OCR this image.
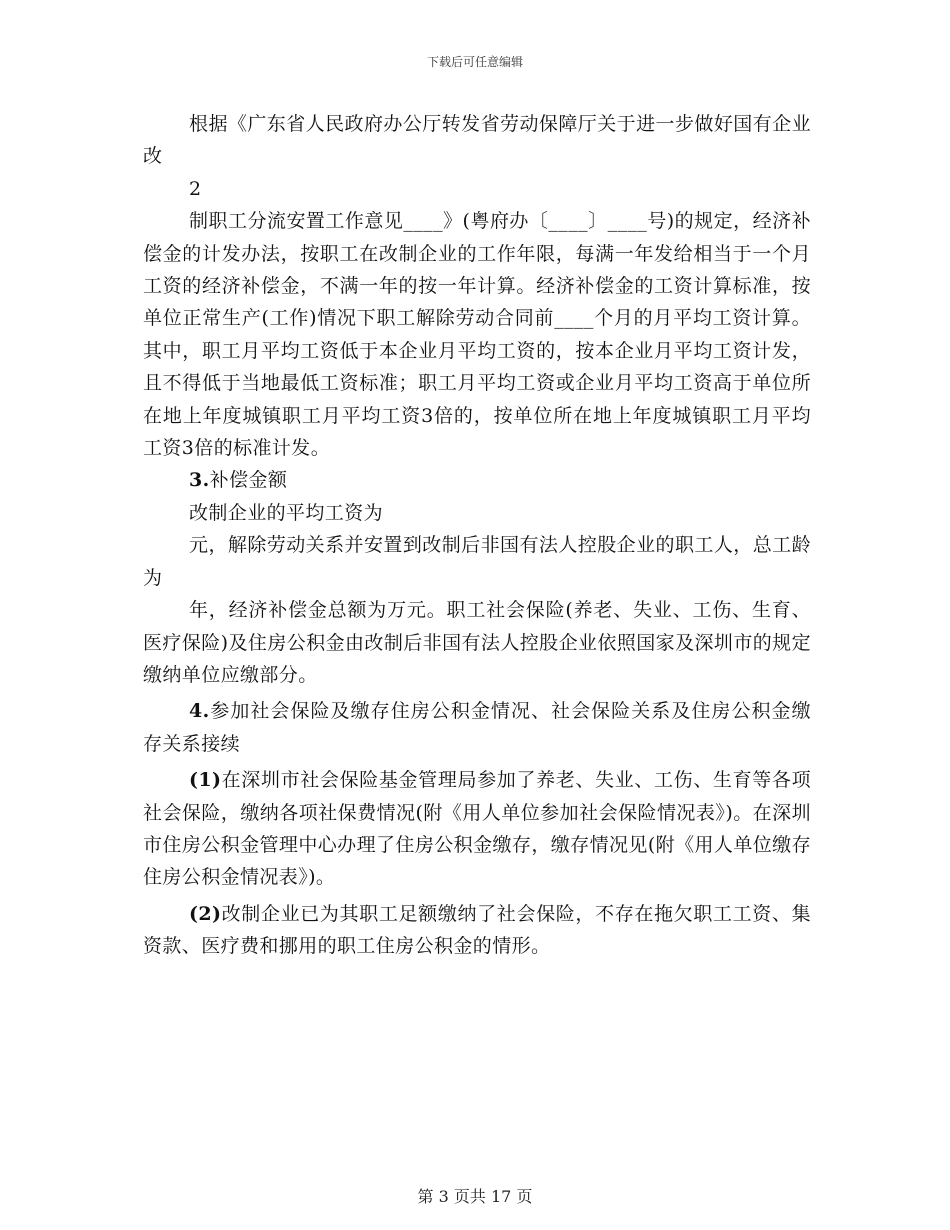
下载后可任意编辑

根据《广东省人民政府办公厅转发省劳动保障厅关于进一步做好国有企业改

2

制职工分流安置工作意见____》(粤府办〔____〕____号)的规定，经济补偿金的计发办法，按职工在改制企业的工作年限，每满一年发给相当于一个月工资的经济补偿金，不满一年的按一年计算。经济补偿金的工资计算标准，按单位正常生产(工作)情况下职工解除劳动合同前____个月的月平均工资计算。其中，职工月平均工资低于本企业月平均工资的，按本企业月平均工资计发，且不得低于当地最低工资标准；职工月平均工资或企业月平均工资高于单位所在地上年度城镇职工月平均工资3倍的，按单位所在地上年度城镇职工月平均工资3倍的标准计发。

3.补偿金额

改制企业的平均工资为

元，解除劳动关系并安置到改制后非国有法人控股企业的职工人，总工龄为

年，经济补偿金总额为万元。职工社会保险(养老、失业、工伤、生育、医疗保险)及住房公积金由改制后非国有法人控股企业依照国家及深圳市的规定缴纳单位应缴部分。

4.参加社会保险及缴存住房公积金情况、社会保险关系及住房公积金缴存关系接续

(1)在深圳市社会保险基金管理局参加了养老、失业、工伤、生育等各项社会保险，缴纳各项社保费情况(附《用人单位参加社会保险情况表》)。在深圳市住房公积金管理中心办理了住房公积金缴存，缴存情况见(附《用人单位缴存住房公积金情况表》)。

(2)改制企业已为其职工足额缴纳了社会保险，不存在拖欠职工工资、集资款、医疗费和挪用的职工住房公积金的情形。

第 3 页共 17 页
